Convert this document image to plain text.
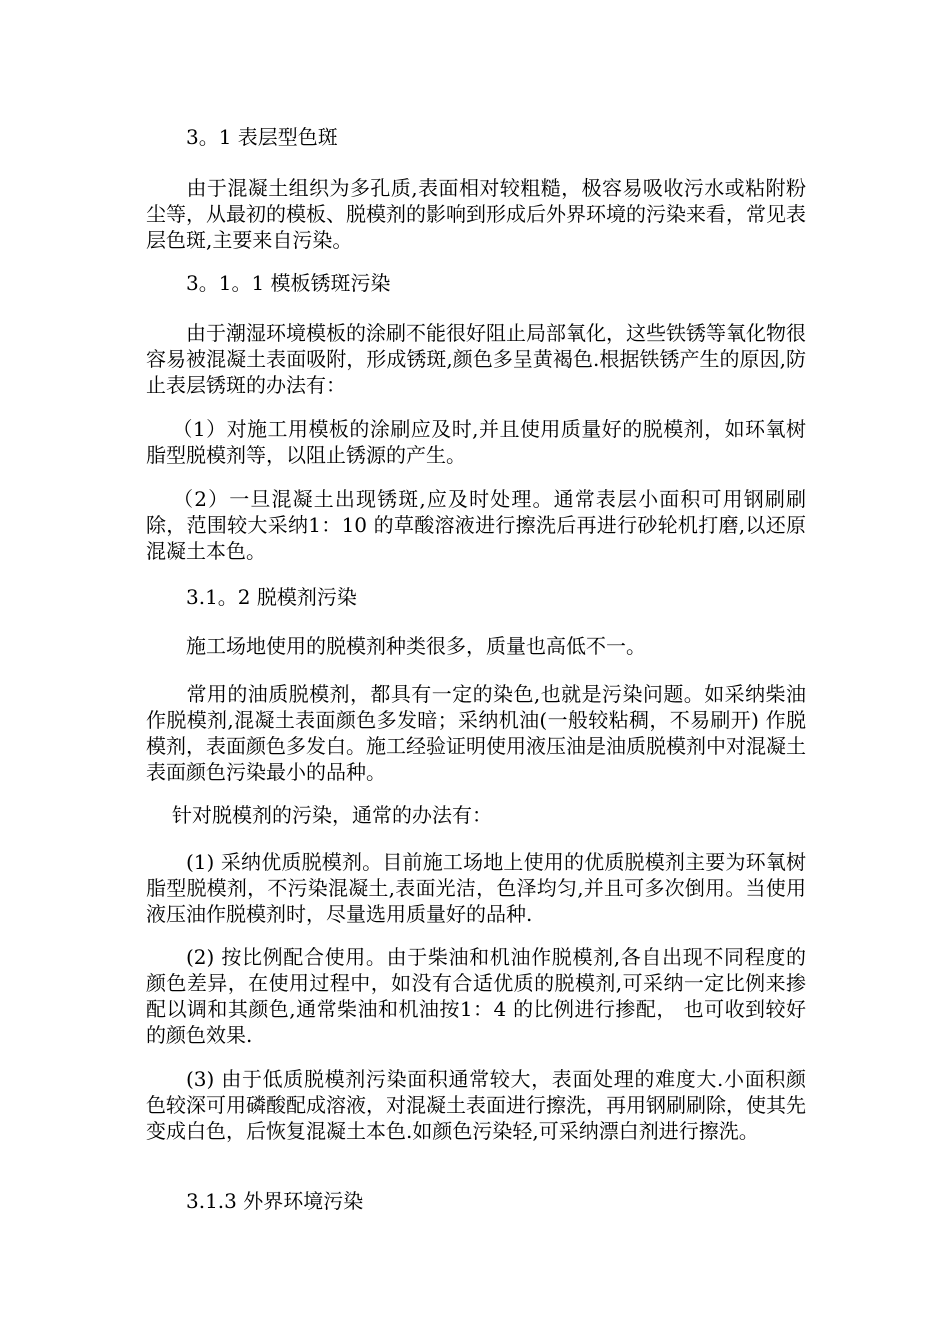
3。1 表层型色斑

由于混凝土组织为多孔质,表面相对较粗糙，极容易吸收污水或粘附粉尘等，从最初的模板、脱模剂的影响到形成后外界环境的污染来看，常见表层色斑,主要来自污染。

3。1。1 模板锈斑污染

由于潮湿环境模板的涂刷不能很好阻止局部氧化，这些铁锈等氧化物很容易被混凝土表面吸附，形成锈斑,颜色多呈黄褐色.根据铁锈产生的原因,防止表层锈斑的办法有：

（1）对施工用模板的涂刷应及时,并且使用质量好的脱模剂，如环氧树脂型脱模剂等，以阻止锈源的产生。

（2）一旦混凝土出现锈斑,应及时处理。通常表层小面积可用钢刷刷除，范围较大采纳1：10 的草酸溶液进行擦洗后再进行砂轮机打磨,以还原混凝土本色。

3.1。2 脱模剂污染

施工场地使用的脱模剂种类很多，质量也高低不一。

常用的油质脱模剂，都具有一定的染色,也就是污染问题。如采纳柴油作脱模剂,混凝土表面颜色多发暗；采纳机油(一般较粘稠，不易刷开) 作脱模剂，表面颜色多发白。施工经验证明使用液压油是油质脱模剂中对混凝土表面颜色污染最小的品种。

针对脱模剂的污染，通常的办法有：

(1) 采纳优质脱模剂。目前施工场地上使用的优质脱模剂主要为环氧树脂型脱模剂，不污染混凝土,表面光洁，色泽均匀,并且可多次倒用。当使用液压油作脱模剂时，尽量选用质量好的品种.

(2) 按比例配合使用。由于柴油和机油作脱模剂,各自出现不同程度的颜色差异，在使用过程中，如没有合适优质的脱模剂,可采纳一定比例来掺配以调和其颜色,通常柴油和机油按1：4 的比例进行掺配， 也可收到较好的颜色效果.

(3) 由于低质脱模剂污染面积通常较大，表面处理的难度大.小面积颜色较深可用磷酸配成溶液，对混凝土表面进行擦洗，再用钢刷刷除，使其先变成白色，后恢复混凝土本色.如颜色污染轻,可采纳漂白剂进行擦洗。

3.1.3 外界环境污染
